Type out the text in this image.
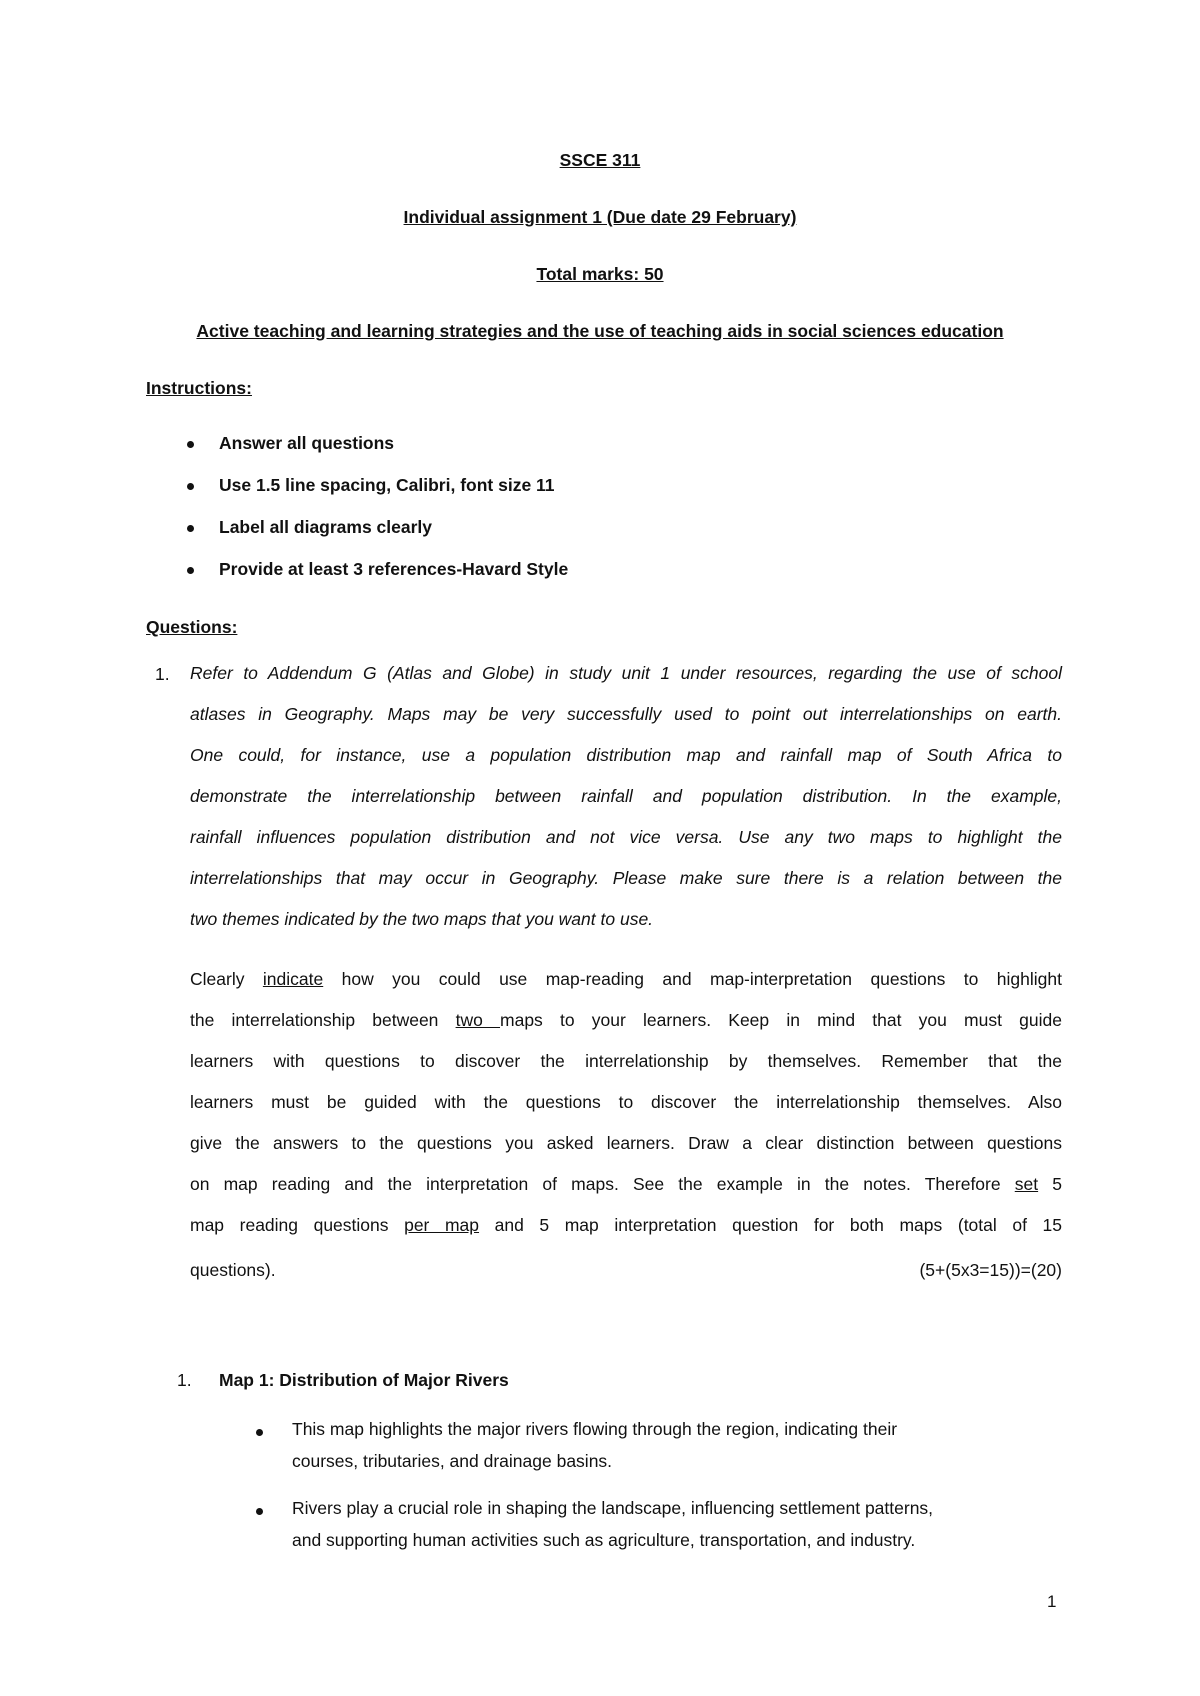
SSCE 311
Individual assignment 1 (Due date 29 February)
Total marks: 50
Active teaching and learning strategies and the use of teaching aids in social sciences education
Instructions:
Answer all questions
Use 1.5 line spacing, Calibri, font size 11
Label all diagrams clearly
Provide at least 3 references-Havard Style
Questions:
1. Refer to Addendum G (Atlas and Globe) in study unit 1 under resources, regarding the use of school
atlases in Geography. Maps may be very successfully used to point out interrelationships on earth.
One could, for instance, use a population distribution map and rainfall map of South Africa to
demonstrate the interrelationship between rainfall and population distribution. In the example,
rainfall influences population distribution and not vice versa. Use any two maps to highlight the
interrelationships that may occur in Geography. Please make sure there is a relation between the
two themes indicated by the two maps that you want to use.
Clearly indicate how you could use map-reading and map-interpretation questions to highlight
the interrelationship between two maps to your learners. Keep in mind that you must guide
learners with questions to discover the interrelationship by themselves. Remember that the
learners must be guided with the questions to discover the interrelationship themselves. Also
give the answers to the questions you asked learners. Draw a clear distinction between questions
on map reading and the interpretation of maps. See the example in the notes. Therefore set 5
map reading questions per map and 5 map interpretation question for both maps (total of 15
questions).	(5+(5x3=15))=(20)
1. Map 1: Distribution of Major Rivers
This map highlights the major rivers flowing through the region, indicating their
courses, tributaries, and drainage basins.
Rivers play a crucial role in shaping the landscape, influencing settlement patterns,
and supporting human activities such as agriculture, transportation, and industry.
1
